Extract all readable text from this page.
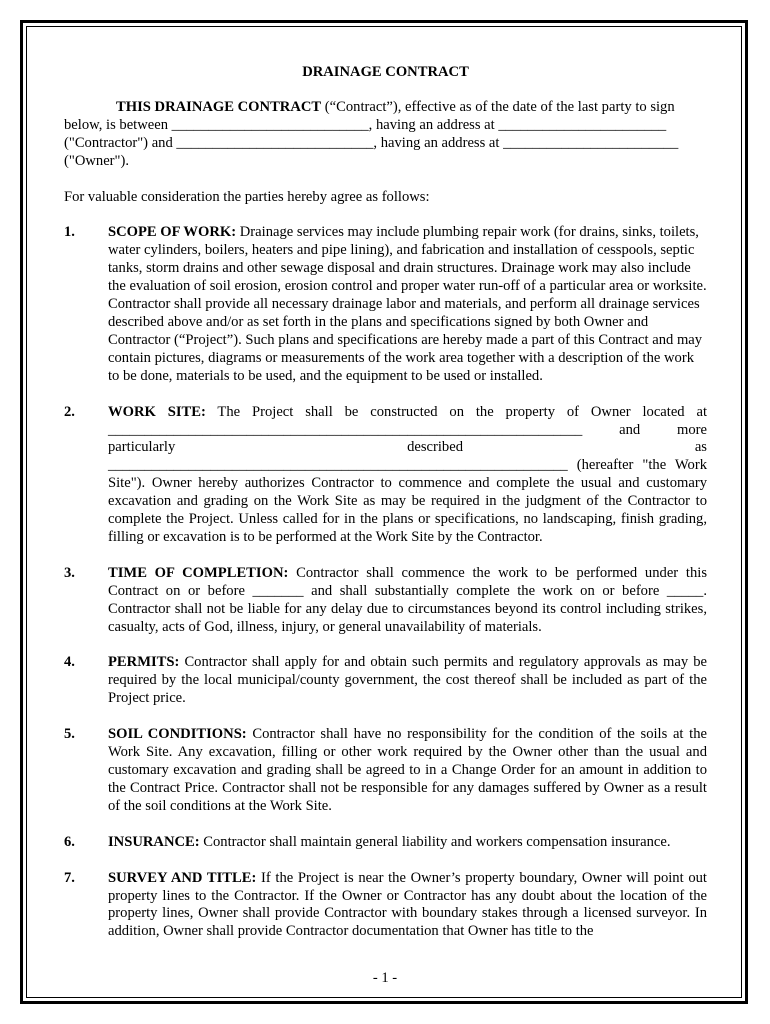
DRAINAGE CONTRACT

THIS DRAINAGE CONTRACT (“Contract”), effective as of the date of the last party to sign below, is between ___________________________, having an address at _______________________ ("Contractor") and ___________________________, having an address at ________________________ ("Owner").

For valuable consideration the parties hereby agree as follows:

1.	SCOPE OF WORK: Drainage services may include plumbing repair work (for drains, sinks, toilets, water cylinders, boilers, heaters and pipe lining), and fabrication and installation of cesspools, septic tanks, storm drains and other sewage disposal and drain structures. Drainage work may also include the evaluation of soil erosion, erosion control and proper water run-off of a particular area or worksite. Contractor shall provide all necessary drainage labor and materials, and perform all drainage services described above and/or as set forth in the plans and specifications signed by both Owner and Contractor (“Project”). Such plans and specifications are hereby made a part of this Contract and may contain pictures, diagrams or measurements of the work area together with a description of the work to be done, materials to be used, and the equipment to be used or installed.
2.	WORK SITE: The Project shall be constructed on the property of Owner located at _________________________________________________________________ and more particularly described as _______________________________________________________________ (hereafter "the Work Site"). Owner hereby authorizes Contractor to commence and complete the usual and customary excavation and grading on the Work Site as may be required in the judgment of the Contractor to complete the Project. Unless called for in the plans or specifications, no landscaping, finish grading, filling or excavation is to be performed at the Work Site by the Contractor.
3.	TIME OF COMPLETION: Contractor shall commence the work to be performed under this Contract on or before _______ and shall substantially complete the work on or before _____. Contractor shall not be liable for any delay due to circumstances beyond its control including strikes, casualty, acts of God, illness, injury, or general unavailability of materials.
4.	PERMITS: Contractor shall apply for and obtain such permits and regulatory approvals as may be required by the local municipal/county government, the cost thereof shall be included as part of the Project price.
5.	SOIL CONDITIONS: Contractor shall have no responsibility for the condition of the soils at the Work Site. Any excavation, filling or other work required by the Owner other than the usual and customary excavation and grading shall be agreed to in a Change Order for an amount in addition to the Contract Price. Contractor shall not be responsible for any damages suffered by Owner as a result of the soil conditions at the Work Site.
6.	INSURANCE: Contractor shall maintain general liability and workers compensation insurance.
7.	SURVEY AND TITLE: If the Project is near the Owner’s property boundary, Owner will point out property lines to the Contractor. If the Owner or Contractor has any doubt about the location of the property lines, Owner shall provide Contractor with boundary stakes through a licensed surveyor. In addition, Owner shall provide Contractor documentation that Owner has title to the
- 1 -
